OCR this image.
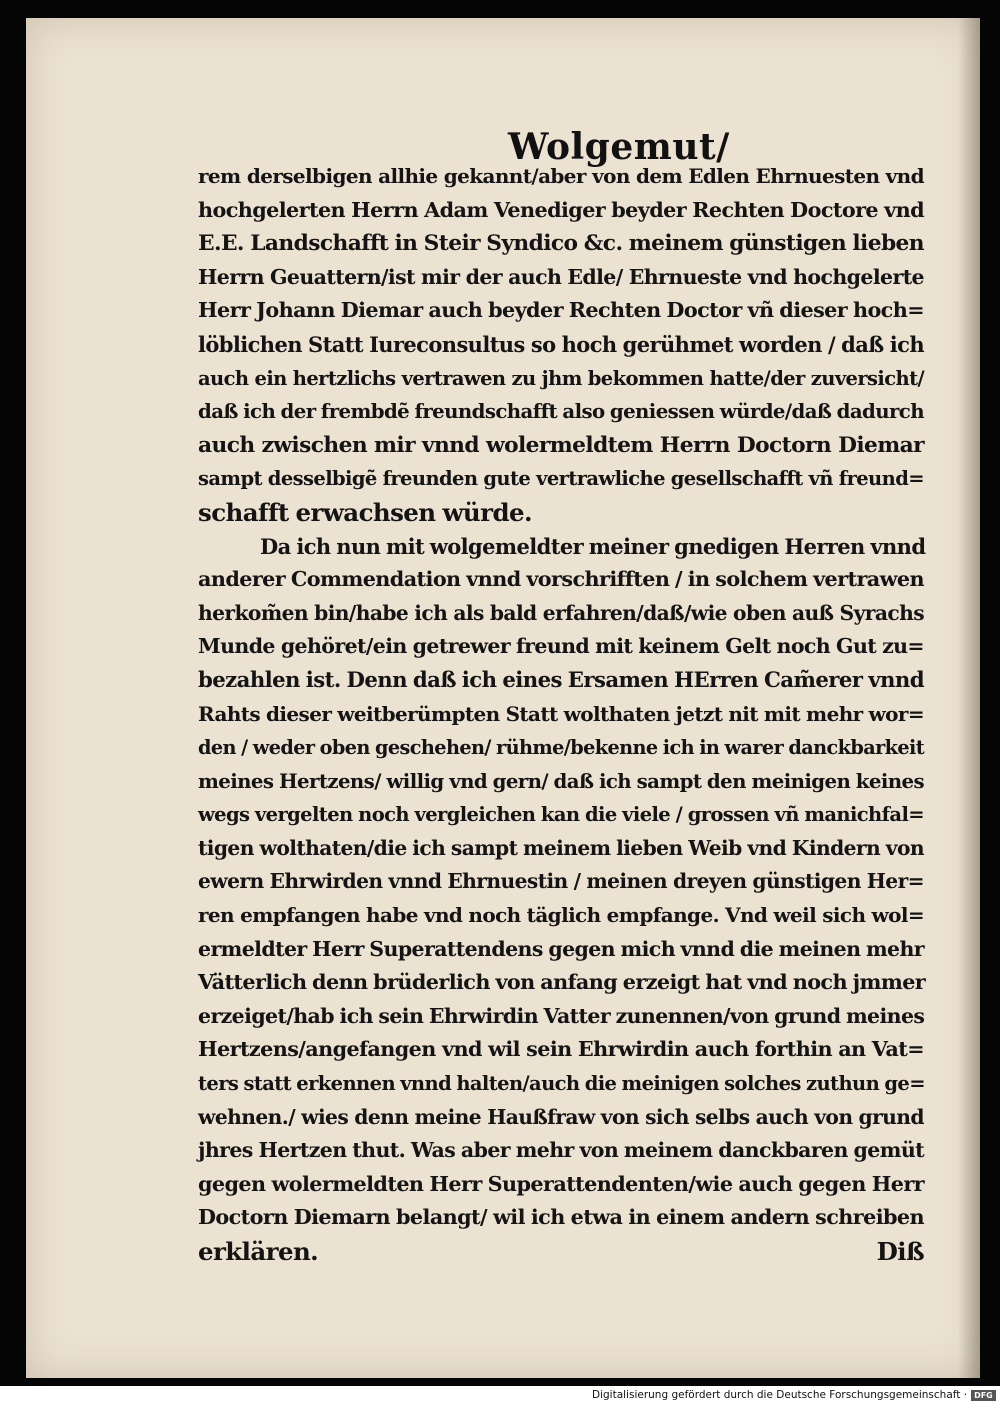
Wolgemut/
rem derselbigen allhie gekannt/aber von dem Edlen Ehrnuesten vnd
hochgelerten Herrn Adam Venediger beyder Rechten Doctore vnd
E.E. Landschafft in Steir Syndico &c. meinem günstigen lieben
Herrn Geuattern/ist mir der auch Edle/ Ehrnueste vnd hochgelerte
Herr Johann Diemar auch beyder Rechten Doctor vñ dieser hoch=
löblichen Statt Iureconsultus so hoch gerühmet worden / daß ich
auch ein hertzlichs vertrawen zu jhm bekommen hatte/der zuversicht/
daß ich der frembdẽ freundschafft also geniessen würde/daß dadurch
auch zwischen mir vnnd wolermeldtem Herrn Doctorn Diemar
sampt desselbigẽ freunden gute vertrawliche gesellschafft vñ freund=
schafft erwachsen würde.
Da ich nun mit wolgemeldter meiner gnedigen Herren vnnd
anderer Commendation vnnd vorschrifften / in solchem vertrawen
herkom̃en bin/habe ich als bald erfahren/daß/wie oben auß Syrachs
Munde gehöret/ein getrewer freund mit keinem Gelt noch Gut zu=
bezahlen ist. Denn daß ich eines Ersamen HErren Cam̃erer vnnd
Rahts dieser weitberümpten Statt wolthaten jetzt nit mit mehr wor=
den / weder oben geschehen/ rühme/bekenne ich in warer danckbarkeit
meines Hertzens/ willig vnd gern/ daß ich sampt den meinigen keines
wegs vergelten noch vergleichen kan die viele / grossen vñ manichfal=
tigen wolthaten/die ich sampt meinem lieben Weib vnd Kindern von
ewern Ehrwirden vnnd Ehrnuestin / meinen dreyen günstigen Her=
ren empfangen habe vnd noch täglich empfange. Vnd weil sich wol=
ermeldter Herr Superattendens gegen mich vnnd die meinen mehr
Vätterlich denn brüderlich von anfang erzeigt hat vnd noch jmmer
erzeiget/hab ich sein Ehrwirdin Vatter zunennen/von grund meines
Hertzens/angefangen vnd wil sein Ehrwirdin auch forthin an Vat=
ters statt erkennen vnnd halten/auch die meinigen solches zuthun ge=
wehnen./ wies denn meine Haußfraw von sich selbs auch von grund
jhres Hertzen thut. Was aber mehr von meinem danckbaren gemüt
gegen wolermeldten Herr Superattendenten/wie auch gegen Herr
Doctorn Diemarn belangt/ wil ich etwa in einem andern schreiben
erklären.	Diß
Digitalisierung gefördert durch die Deutsche Forschungsgemeinschaft · DFG
